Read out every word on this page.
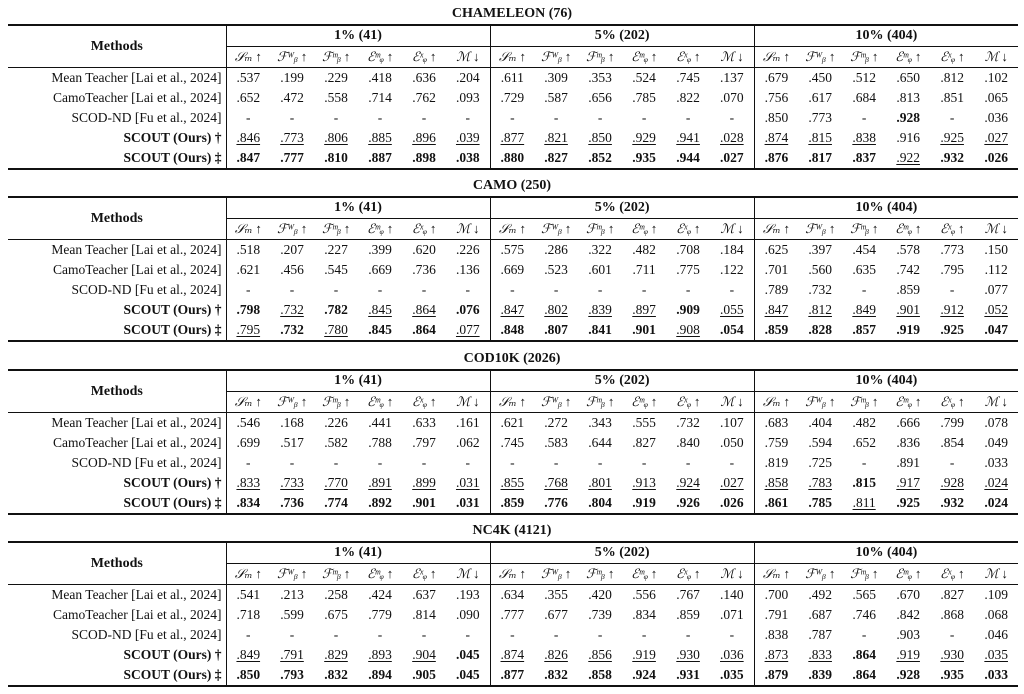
CHAMELEON (76)
Methods	1% (41)						5% (202)						10% (404)					
	𝒮ₘ ↑	ℱᵂᵦ ↑	ℱᵐᵦ ↑	ℰᵐᵩ ↑	ℰˣᵩ ↑	ℳ ↓	𝒮ₘ ↑	ℱᵂᵦ ↑	ℱᵐᵦ ↑	ℰᵐᵩ ↑	ℰˣᵩ ↑	ℳ ↓	𝒮ₘ ↑	ℱᵂᵦ ↑	ℱᵐᵦ ↑	ℰᵐᵩ ↑	ℰˣᵩ ↑	ℳ ↓
Mean Teacher [Lai et al., 2024]	.537	.199	.229	.418	.636	.204	.611	.309	.353	.524	.745	.137	.679	.450	.512	.650	.812	.102
CamoTeacher [Lai et al., 2024]	.652	.472	.558	.714	.762	.093	.729	.587	.656	.785	.822	.070	.756	.617	.684	.813	.851	.065
SCOD-ND [Fu et al., 2024]	-	-	-	-	-	-	-	-	-	-	-	-	.850	.773	-	.928	-	.036
SCOUT (Ours) †	.846	.773	.806	.885	.896	.039	.877	.821	.850	.929	.941	.028	.874	.815	.838	.916	.925	.027
SCOUT (Ours) ‡	.847	.777	.810	.887	.898	.038	.880	.827	.852	.935	.944	.027	.876	.817	.837	.922	.932	.026
CAMO (250)
Methods	1% (41)						5% (202)						10% (404)					
	𝒮ₘ ↑	ℱᵂᵦ ↑	ℱᵐᵦ ↑	ℰᵐᵩ ↑	ℰˣᵩ ↑	ℳ ↓	𝒮ₘ ↑	ℱᵂᵦ ↑	ℱᵐᵦ ↑	ℰᵐᵩ ↑	ℰˣᵩ ↑	ℳ ↓	𝒮ₘ ↑	ℱᵂᵦ ↑	ℱᵐᵦ ↑	ℰᵐᵩ ↑	ℰˣᵩ ↑	ℳ ↓
Mean Teacher [Lai et al., 2024]	.518	.207	.227	.399	.620	.226	.575	.286	.322	.482	.708	.184	.625	.397	.454	.578	.773	.150
CamoTeacher [Lai et al., 2024]	.621	.456	.545	.669	.736	.136	.669	.523	.601	.711	.775	.122	.701	.560	.635	.742	.795	.112
SCOD-ND [Fu et al., 2024]	-	-	-	-	-	-	-	-	-	-	-	-	.789	.732	-	.859	-	.077
SCOUT (Ours) †	.798	.732	.782	.845	.864	.076	.847	.802	.839	.897	.909	.055	.847	.812	.849	.901	.912	.052
SCOUT (Ours) ‡	.795	.732	.780	.845	.864	.077	.848	.807	.841	.901	.908	.054	.859	.828	.857	.919	.925	.047
COD10K (2026)
Methods	1% (41)						5% (202)						10% (404)					
	𝒮ₘ ↑	ℱᵂᵦ ↑	ℱᵐᵦ ↑	ℰᵐᵩ ↑	ℰˣᵩ ↑	ℳ ↓	𝒮ₘ ↑	ℱᵂᵦ ↑	ℱᵐᵦ ↑	ℰᵐᵩ ↑	ℰˣᵩ ↑	ℳ ↓	𝒮ₘ ↑	ℱᵂᵦ ↑	ℱᵐᵦ ↑	ℰᵐᵩ ↑	ℰˣᵩ ↑	ℳ ↓
Mean Teacher [Lai et al., 2024]	.546	.168	.226	.441	.633	.161	.621	.272	.343	.555	.732	.107	.683	.404	.482	.666	.799	.078
CamoTeacher [Lai et al., 2024]	.699	.517	.582	.788	.797	.062	.745	.583	.644	.827	.840	.050	.759	.594	.652	.836	.854	.049
SCOD-ND [Fu et al., 2024]	-	-	-	-	-	-	-	-	-	-	-	-	.819	.725	-	.891	-	.033
SCOUT (Ours) †	.833	.733	.770	.891	.899	.031	.855	.768	.801	.913	.924	.027	.858	.783	.815	.917	.928	.024
SCOUT (Ours) ‡	.834	.736	.774	.892	.901	.031	.859	.776	.804	.919	.926	.026	.861	.785	.811	.925	.932	.024
NC4K (4121)
Methods	1% (41)						5% (202)						10% (404)					
	𝒮ₘ ↑	ℱᵂᵦ ↑	ℱᵐᵦ ↑	ℰᵐᵩ ↑	ℰˣᵩ ↑	ℳ ↓	𝒮ₘ ↑	ℱᵂᵦ ↑	ℱᵐᵦ ↑	ℰᵐᵩ ↑	ℰˣᵩ ↑	ℳ ↓	𝒮ₘ ↑	ℱᵂᵦ ↑	ℱᵐᵦ ↑	ℰᵐᵩ ↑	ℰˣᵩ ↑	ℳ ↓
Mean Teacher [Lai et al., 2024]	.541	.213	.258	.424	.637	.193	.634	.355	.420	.556	.767	.140	.700	.492	.565	.670	.827	.109
CamoTeacher [Lai et al., 2024]	.718	.599	.675	.779	.814	.090	.777	.677	.739	.834	.859	.071	.791	.687	.746	.842	.868	.068
SCOD-ND [Fu et al., 2024]	-	-	-	-	-	-	-	-	-	-	-	-	.838	.787	-	.903	-	.046
SCOUT (Ours) †	.849	.791	.829	.893	.904	.045	.874	.826	.856	.919	.930	.036	.873	.833	.864	.919	.930	.035
SCOUT (Ours) ‡	.850	.793	.832	.894	.905	.045	.877	.832	.858	.924	.931	.035	.879	.839	.864	.928	.935	.033
